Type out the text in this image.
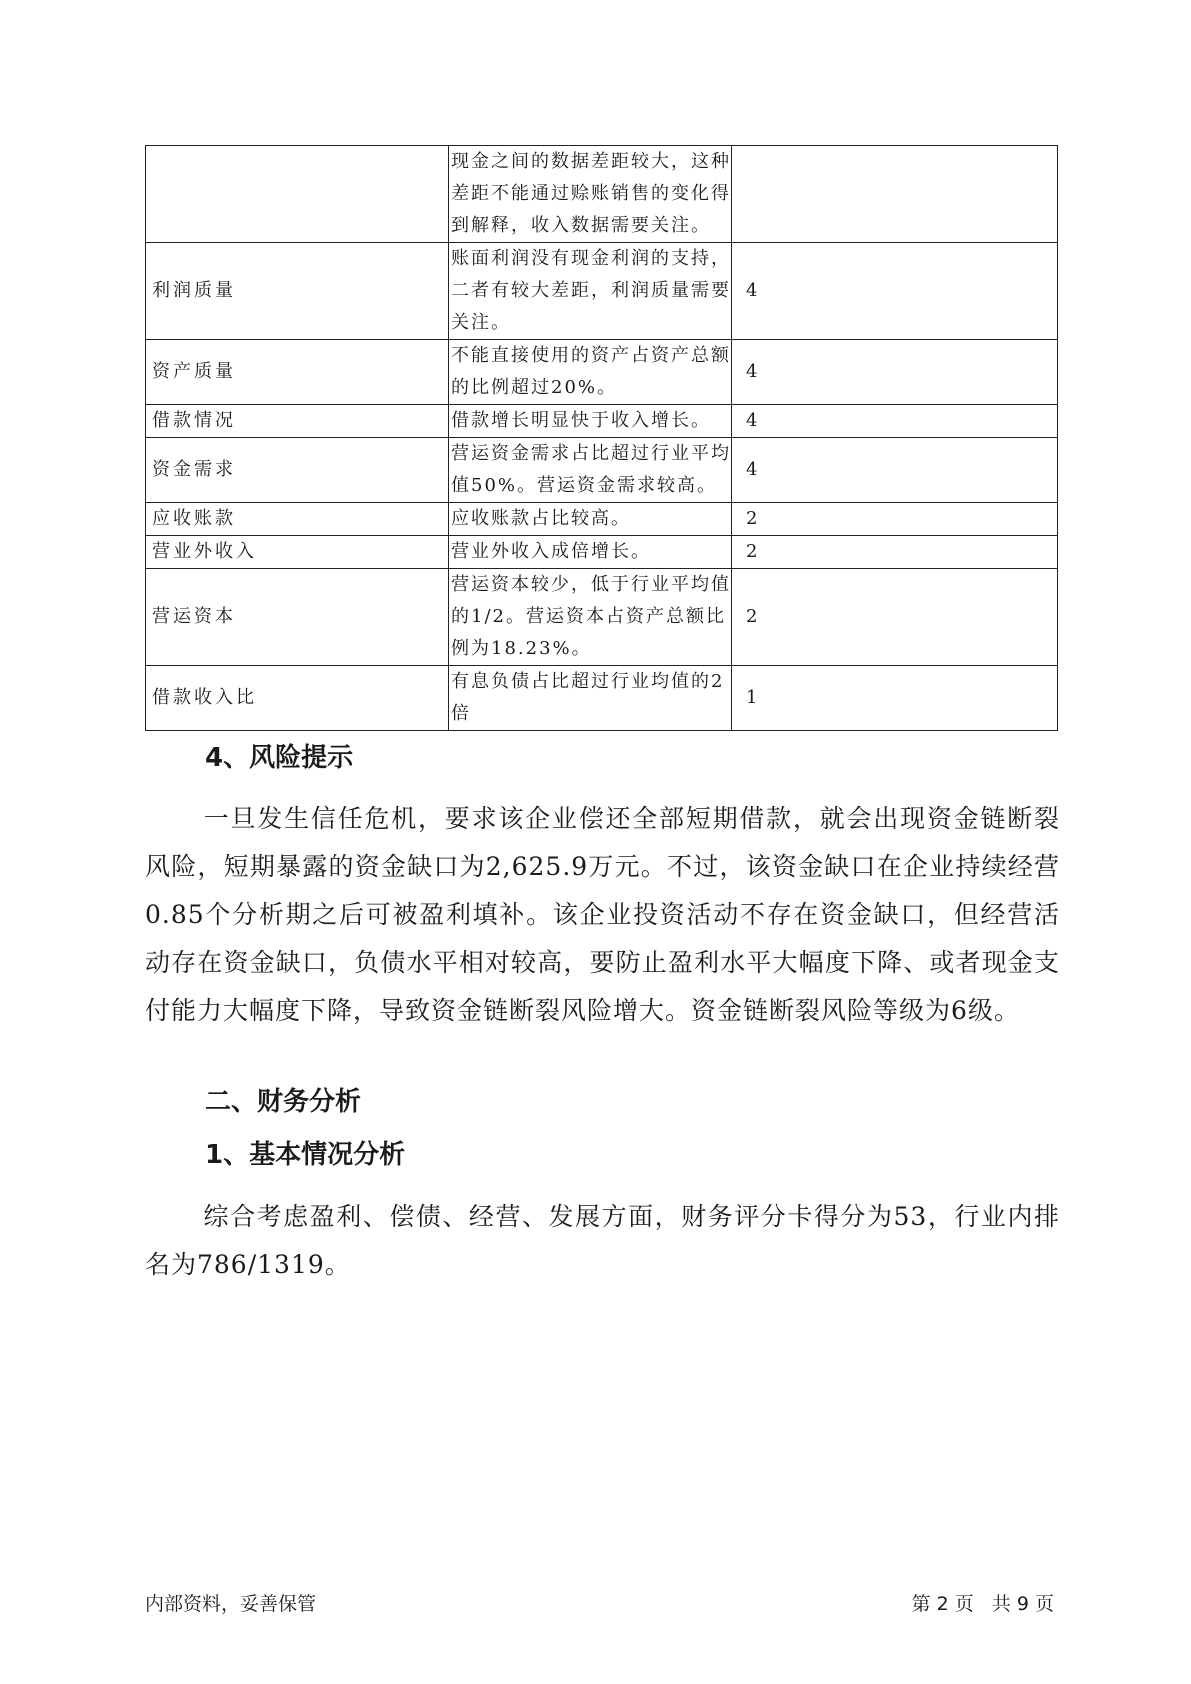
	现金之间的数据差距较大，这种差距不能通过赊账销售的变化得到解释，收入数据需要关注。	
利润质量	账面利润没有现金利润的支持，二者有较大差距，利润质量需要关注。	4
资产质量	不能直接使用的资产占资产总额的比例超过20%。	4
借款情况	借款增长明显快于收入增长。	4
资金需求	营运资金需求占比超过行业平均值50%。营运资金需求较高。	4
应收账款	应收账款占比较高。	2
营业外收入	营业外收入成倍增长。	2
营运资本	营运资本较少，低于行业平均值的1/2。营运资本占资产总额比例为18.23%。	2
借款收入比	有息负债占比超过行业均值的2倍	1
4、风险提示
一旦发生信任危机，要求该企业偿还全部短期借款，就会出现资金链断裂风险，短期暴露的资金缺口为2,625.9万元。不过，该资金缺口在企业持续经营 0.85个分析期之后可被盈利填补。该企业投资活动不存在资金缺口，但经营活动存在资金缺口，负债水平相对较高，要防止盈利水平大幅度下降、或者现金支付能力大幅度下降，导致资金链断裂风险增大。资金链断裂风险等级为6级。
二、财务分析
1、基本情况分析
综合考虑盈利、偿债、经营、发展方面，财务评分卡得分为53，行业内排名为786/1319。
内部资料，妥善保管	第 2 页   共 9 页
